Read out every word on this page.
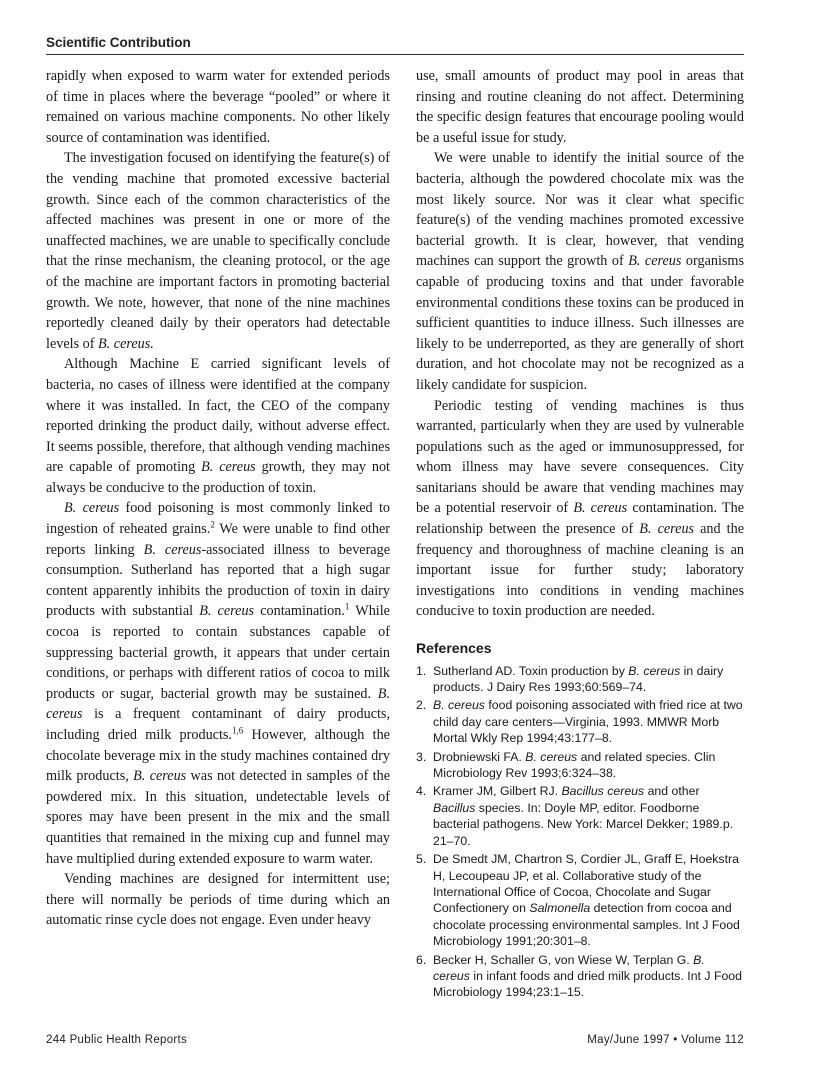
Scientific Contribution

rapidly when exposed to warm water for extended periods of time in places where the beverage “pooled” or where it remained on various machine components. No other likely source of contamination was identified.

The investigation focused on identifying the feature(s) of the vending machine that promoted excessive bacterial growth. Since each of the common characteristics of the affected machines was present in one or more of the unaffected machines, we are unable to specifically conclude that the rinse mechanism, the cleaning protocol, or the age of the machine are important factors in promoting bacterial growth. We note, however, that none of the nine machines reportedly cleaned daily by their operators had detectable levels of B. cereus.

Although Machine E carried significant levels of bacteria, no cases of illness were identified at the company where it was installed. In fact, the CEO of the company reported drinking the product daily, without adverse effect. It seems possible, therefore, that although vending machines are capable of promoting B. cereus growth, they may not always be conducive to the production of toxin.

B. cereus food poisoning is most commonly linked to ingestion of reheated grains.$^2$ We were unable to find other reports linking B. cereus-associated illness to beverage consumption. Sutherland has reported that a high sugar content apparently inhibits the production of toxin in dairy products with substantial B. cereus contamination.$^1$ While cocoa is reported to contain substances capable of suppressing bacterial growth, it appears that under certain conditions, or perhaps with different ratios of cocoa to milk products or sugar, bacterial growth may be sustained. B. cereus is a frequent contaminant of dairy products, including dried milk products.$^{1,6}$ However, although the chocolate beverage mix in the study machines contained dry milk products, B. cereus was not detected in samples of the powdered mix. In this situation, undetectable levels of spores may have been present in the mix and the small quantities that remained in the mixing cup and funnel may have multiplied during extended exposure to warm water.

Vending machines are designed for intermittent use; there will normally be periods of time during which an automatic rinse cycle does not engage. Even under heavy

use, small amounts of product may pool in areas that rinsing and routine cleaning do not affect. Determining the specific design features that encourage pooling would be a useful issue for study.

We were unable to identify the initial source of the bacteria, although the powdered chocolate mix was the most likely source. Nor was it clear what specific feature(s) of the vending machines promoted excessive bacterial growth. It is clear, however, that vending machines can support the growth of B. cereus organisms capable of producing toxins and that under favorable environmental conditions these toxins can be produced in sufficient quantities to induce illness. Such illnesses are likely to be underreported, as they are generally of short duration, and hot chocolate may not be recognized as a likely candidate for suspicion.

Periodic testing of vending machines is thus warranted, particularly when they are used by vulnerable populations such as the aged or immunosuppressed, for whom illness may have severe consequences. City sanitarians should be aware that vending machines may be a potential reservoir of B. cereus contamination. The relationship between the presence of B. cereus and the frequency and thoroughness of machine cleaning is an important issue for further study; laboratory investigations into conditions in vending machines conducive to toxin production are needed.

References
1. Sutherland AD. Toxin production by B. cereus in dairy products. J Dairy Res 1993;60:569–74.
2. B. cereus food poisoning associated with fried rice at two child day care centers—Virginia, 1993. MMWR Morb Mortal Wkly Rep 1994;43:177–8.
3. Drobniewski FA. B. cereus and related species. Clin Microbiology Rev 1993;6:324–38.
4. Kramer JM, Gilbert RJ. Bacillus cereus and other Bacillus species. In: Doyle MP, editor. Foodborne bacterial pathogens. New York: Marcel Dekker; 1989.p. 21–70.
5. De Smedt JM, Chartron S, Cordier JL, Graff E, Hoekstra H, Lecoupeau JP, et al. Collaborative study of the International Office of Cocoa, Chocolate and Sugar Confectionery on Salmonella detection from cocoa and chocolate processing environmental samples. Int J Food Microbiology 1991;20:301–8.
6. Becker H, Schaller G, von Wiese W, Terplan G. B. cereus in infant foods and dried milk products. Int J Food Microbiology 1994;23:1–15.
244 Public Health Reports	May/June 1997 • Volume 112
